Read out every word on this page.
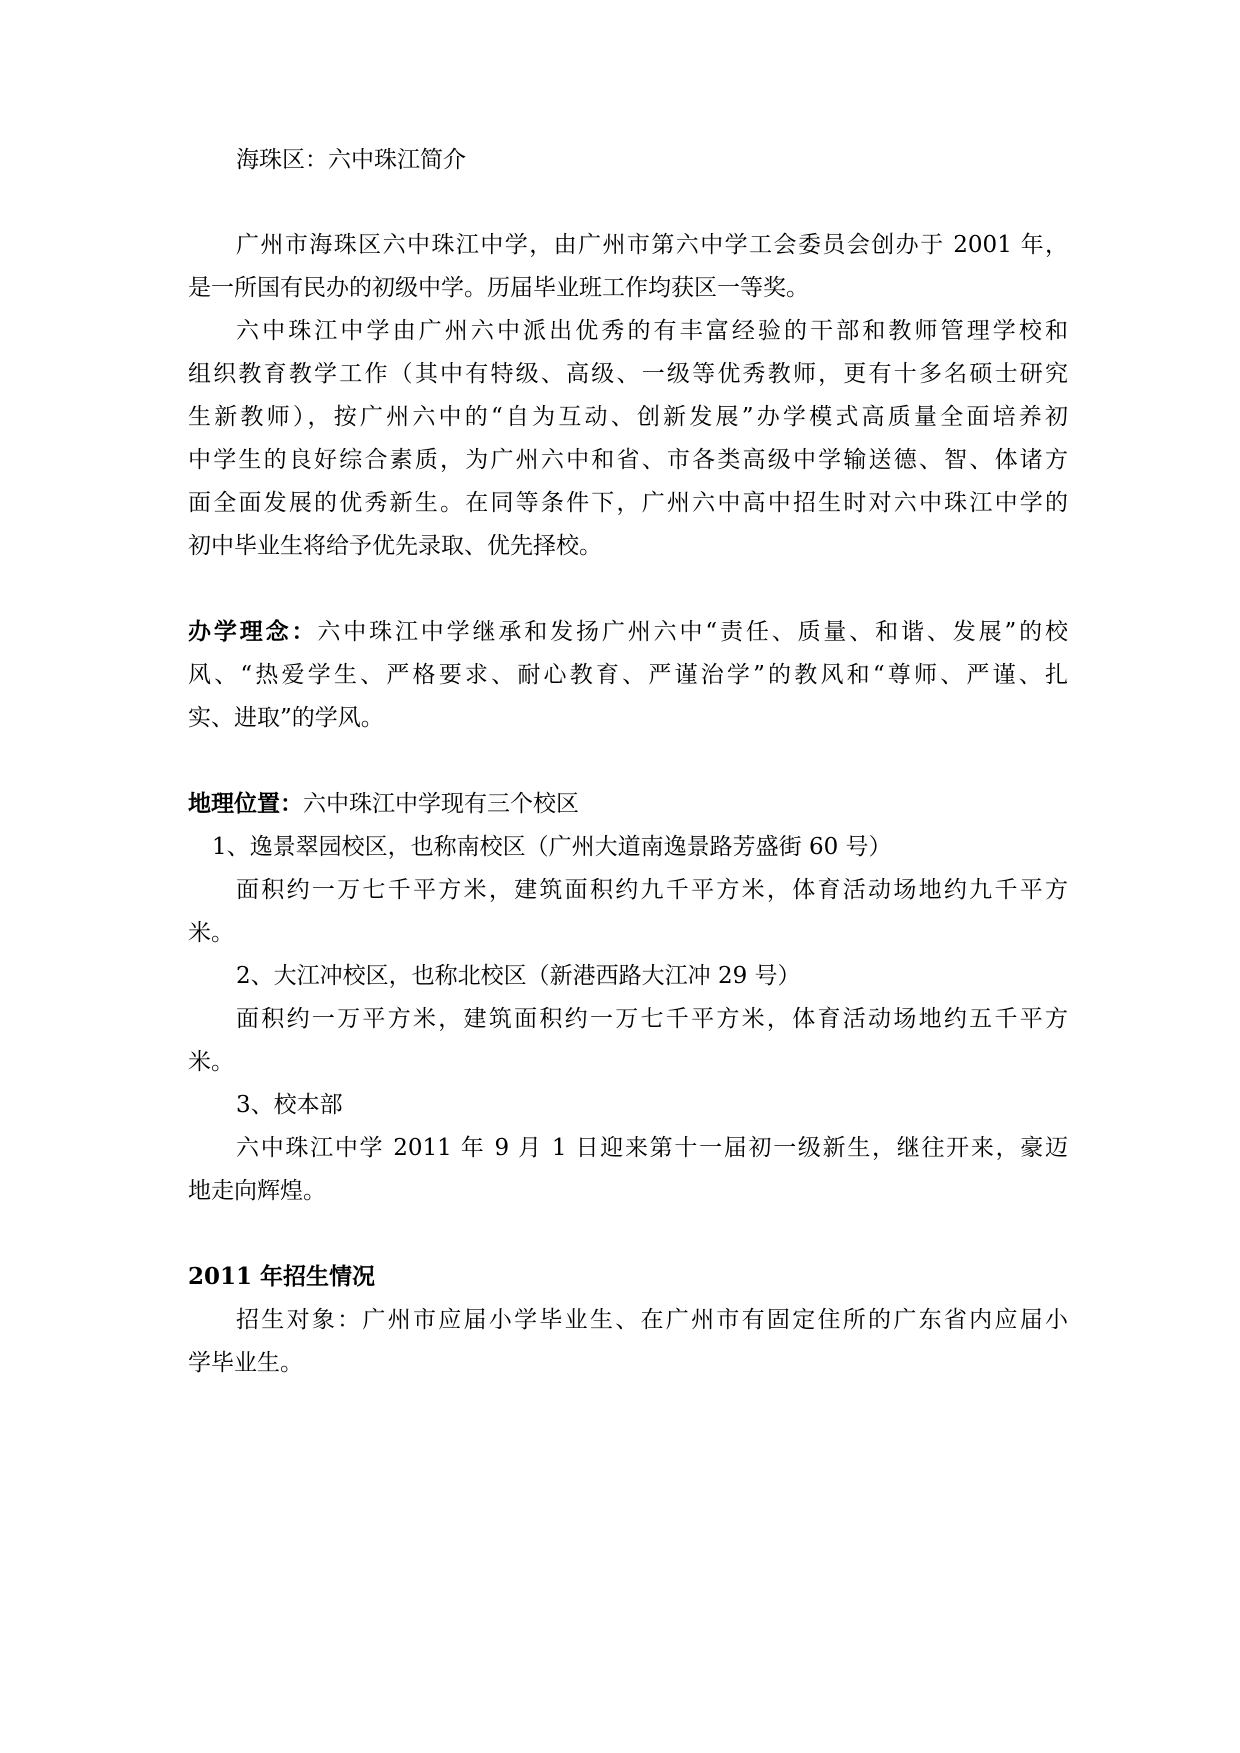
海珠区：六中珠江简介
广州市海珠区六中珠江中学，由广州市第六中学工会委员会创办于 2001 年，
是一所国有民办的初级中学。历届毕业班工作均获区一等奖。
六中珠江中学由广州六中派出优秀的有丰富经验的干部和教师管理学校和
组织教育教学工作（其中有特级、高级、一级等优秀教师，更有十多名硕士研究
生新教师），按广州六中的“自为互动、创新发展”办学模式高质量全面培养初
中学生的良好综合素质，为广州六中和省、市各类高级中学输送德、智、体诸方
面全面发展的优秀新生。在同等条件下，广州六中高中招生时对六中珠江中学的
初中毕业生将给予优先录取、优先择校。
办学理念：六中珠江中学继承和发扬广州六中“责任、质量、和谐、发展”的校
风、“热爱学生、严格要求、耐心教育、严谨治学”的教风和“尊师、严谨、扎
实、进取”的学风。
地理位置：六中珠江中学现有三个校区
1、逸景翠园校区，也称南校区（广州大道南逸景路芳盛街 60 号）
面积约一万七千平方米，建筑面积约九千平方米，体育活动场地约九千平方
米。
2、大江冲校区，也称北校区（新港西路大江冲 29 号）
面积约一万平方米，建筑面积约一万七千平方米，体育活动场地约五千平方
米。
3、校本部
六中珠江中学 2011 年 9 月 1 日迎来第十一届初一级新生，继往开来，豪迈
地走向辉煌。
2011 年招生情况
招生对象：广州市应届小学毕业生、在广州市有固定住所的广东省内应届小
学毕业生。
